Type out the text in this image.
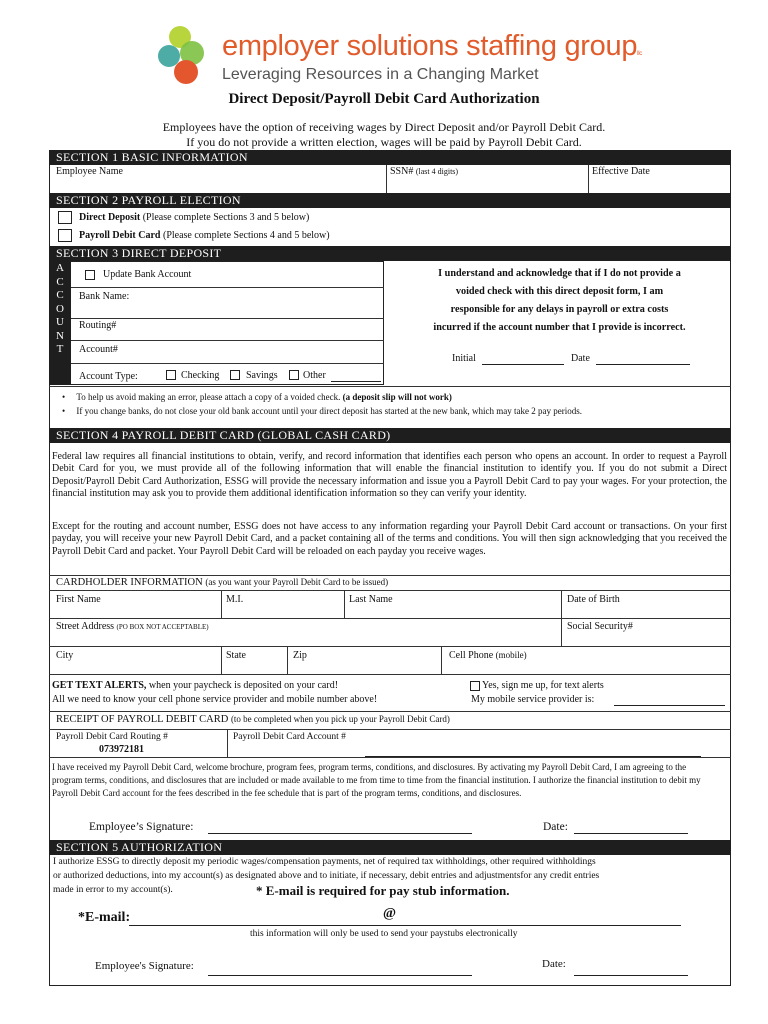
employer solutions staffing groupllc
Leveraging Resources in a Changing Market
Direct Deposit/Payroll Debit Card Authorization
Employees have the option of receiving wages by Direct Deposit and/or Payroll Debit Card.
If you do not provide a written election, wages will be paid by Payroll Debit Card.
SECTION 1 BASIC INFORMATION
Employee Name	SSN# (last 4 digits)	Effective Date
SECTION 2 PAYROLL ELECTION
Direct Deposit (Please complete Sections 3 and 5 below)
Payroll Debit Card (Please complete Sections 4 and 5 below)
SECTION 3 DIRECT DEPOSIT
A
C
C
O
U
N
T
Update Bank Account
Bank Name:
Routing#
Account#
Account Type:	Checking	Savings	Other
I understand and acknowledge that if I do not provide a
voided check with this direct deposit form, I am
responsible for any delays in payroll or extra costs
incurred if the account number that I provide is incorrect.
Initial	Date
•     To help us avoid making an error, please attach a copy of a voided check. (a deposit slip will not work)
•     If you change banks, do not close your old bank account until your direct deposit has started at the new bank, which may take 2 pay periods.
SECTION 4 PAYROLL DEBIT CARD (GLOBAL CASH CARD)
Federal law requires all financial institutions to obtain, verify, and record information that identifies each person who opens an account. In order to request a Payroll Debit Card for you, we must provide all of the following information that will enable the financial institution to identify you. If you do not submit a Direct Deposit/Payroll Debit Card Authorization, ESSG will provide the necessary information and issue you a Payroll Debit Card to pay your wages. For your protection, the financial institution may ask you to provide them additional identification information so they can verify your identity.
Except for the routing and account number, ESSG does not have access to any information regarding your Payroll Debit Card account or transactions. On your first payday, you will receive your new Payroll Debit Card, and a packet containing all of the terms and conditions. You will then sign acknowledging that you received the Payroll Debit Card and packet. Your Payroll Debit Card will be reloaded on each payday you receive wages.
CARDHOLDER INFORMATION (as you want your Payroll Debit Card to be issued)
First Name	M.I.	Last Name	Date of Birth
Street Address (PO BOX NOT ACCEPTABLE)	Social Security#
City	State	Zip	Cell Phone (mobile)
GET TEXT ALERTS, when your paycheck is deposited on your card!
All we need to know your cell phone service provider and mobile number above!
Yes, sign me up, for text alerts
My mobile service provider is:
RECEIPT OF PAYROLL DEBIT CARD (to be completed when you pick up your Payroll Debit Card)
Payroll Debit Card Routing #
073972181
Payroll Debit Card Account #
I have received my Payroll Debit Card, welcome brochure, program fees, program terms, conditions, and disclosures. By activating my Payroll Debit Card, I am agreeing to the program terms, conditions, and disclosures that are included or made available to me from time to time from the financial institution. I authorize the financial institution to debit my Payroll Debit Card account for the fees described in the fee schedule that is part of the program terms, conditions, and disclosures.
Employee’s Signature:	Date:
SECTION 5 AUTHORIZATION
I authorize ESSG to directly deposit my periodic wages/compensation payments, net of required tax withholdings, other required withholdings
or authorized deductions, into my account(s) as designated above and to initiate, if necessary, debit entries and adjustmentsfor any credit entries
made in error to my account(s).	* E-mail is required for pay stub information.
*E-mail:	@
this information will only be used to send your paystubs electronically
Employee's Signature:	Date:
